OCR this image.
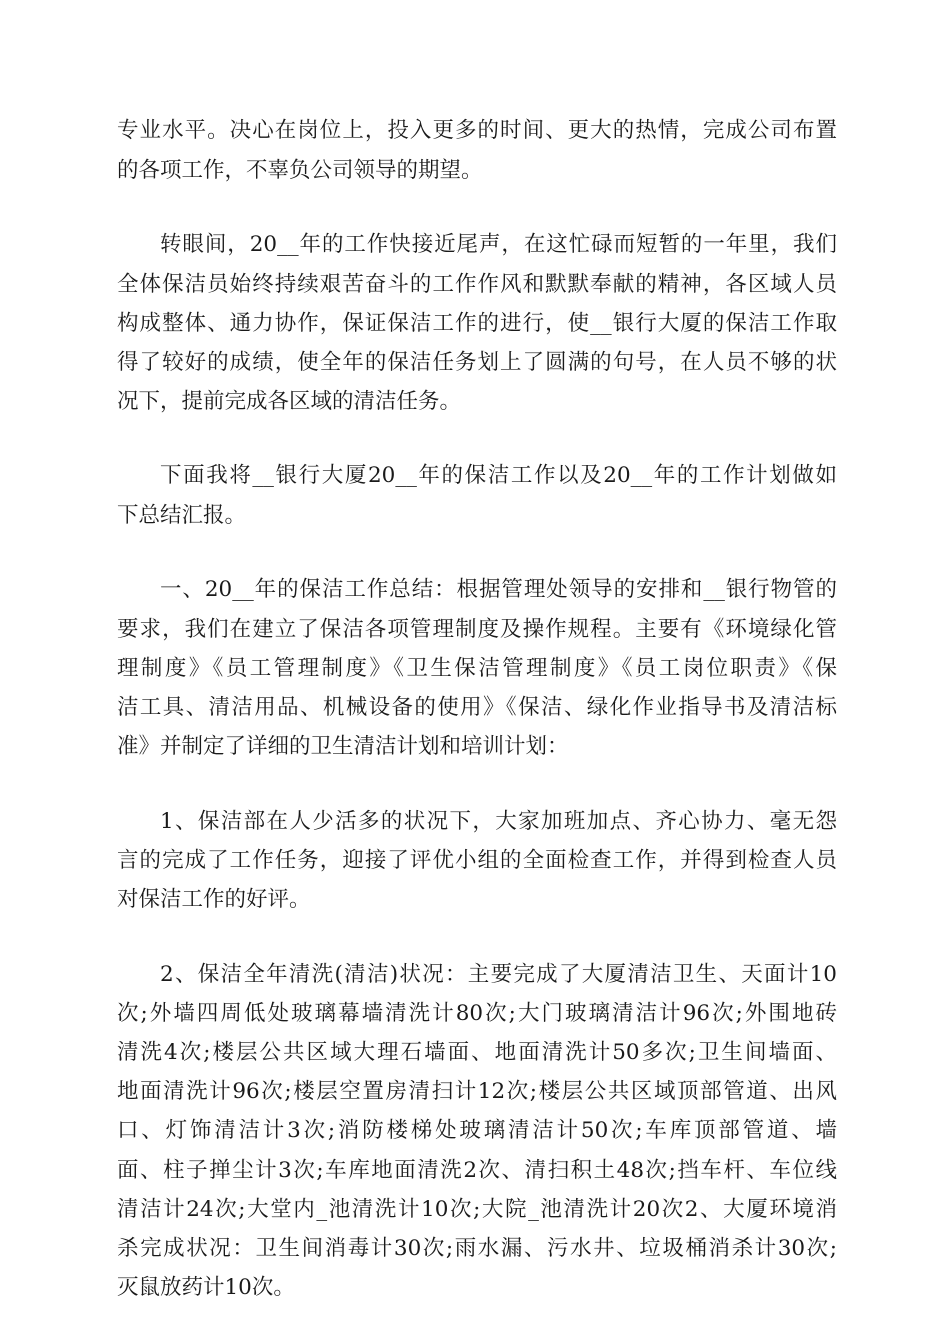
专业水平。决心在岗位上，投入更多的时间、更大的热情，完成公司布置

的各项工作，不辜负公司领导的期望。

转眼间，20__年的工作快接近尾声，在这忙碌而短暂的一年里，我们

全体保洁员始终持续艰苦奋斗的工作作风和默默奉献的精神，各区域人员

构成整体、通力协作，保证保洁工作的进行，使__银行大厦的保洁工作取

得了较好的成绩，使全年的保洁任务划上了圆满的句号，在人员不够的状

况下，提前完成各区域的清洁任务。

下面我将__银行大厦20__年的保洁工作以及20__年的工作计划做如

下总结汇报。

一、20__年的保洁工作总结：根据管理处领导的安排和__银行物管的

要求，我们在建立了保洁各项管理制度及操作规程。主要有《环境绿化管

理制度》《员工管理制度》《卫生保洁管理制度》《员工岗位职责》《保

洁工具、清洁用品、机械设备的使用》《保洁、绿化作业指导书及清洁标

准》并制定了详细的卫生清洁计划和培训计划：

1、保洁部在人少活多的状况下，大家加班加点、齐心协力、毫无怨

言的完成了工作任务，迎接了评优小组的全面检查工作，并得到检查人员

对保洁工作的好评。

2、保洁全年清洗(清洁)状况：主要完成了大厦清洁卫生、天面计10

次;外墙四周低处玻璃幕墙清洗计80次;大门玻璃清洁计96次;外围地砖

清洗4次;楼层公共区域大理石墙面、地面清洗计50多次;卫生间墙面、

地面清洗计96次;楼层空置房清扫计12次;楼层公共区域顶部管道、出风

口、灯饰清洁计3次;消防楼梯处玻璃清洁计50次;车库顶部管道、墙

面、柱子掸尘计3次;车库地面清洗2次、清扫积土48次;挡车杆、车位线

清洁计24次;大堂内_池清洗计10次;大院_池清洗计20次2、大厦环境消

杀完成状况：卫生间消毒计30次;雨水漏、污水井、垃圾桶消杀计30次;

灭鼠放药计10次。
